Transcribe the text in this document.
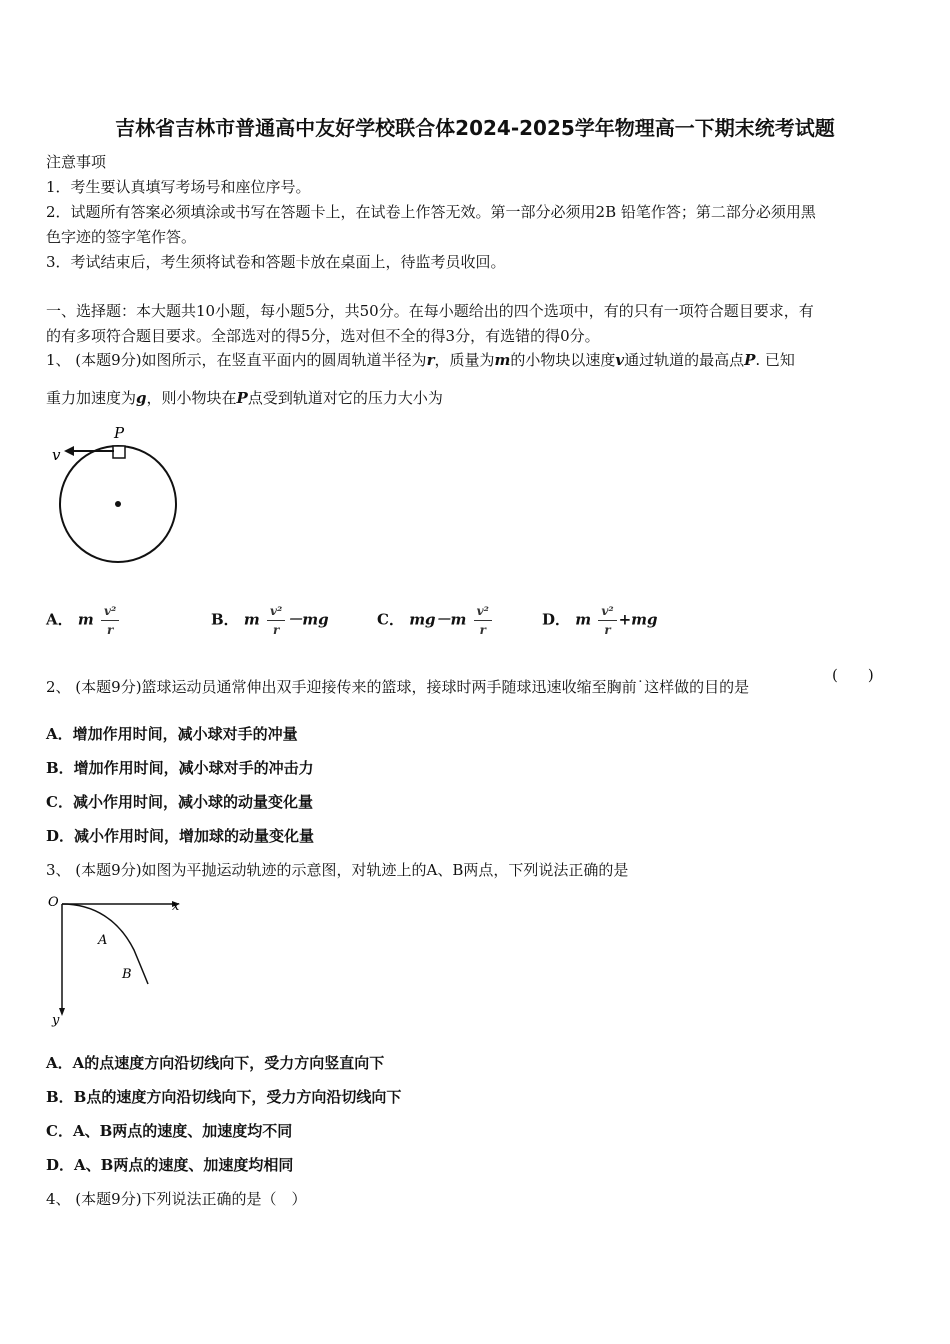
吉林省吉林市普通高中友好学校联合体2024-2025学年物理高一下期末统考试题
注意事项
1．考生要认真填写考场号和座位序号。
2．试题所有答案必须填涂或书写在答题卡上，在试卷上作答无效。第一部分必须用2B 铅笔作答；第二部分必须用黑
色字迹的签字笔作答。
3．考试结束后，考生须将试卷和答题卡放在桌面上，待监考员收回。
一、选择题：本大题共10小题，每小题5分，共50分。在每小题给出的四个选项中，有的只有一项符合题目要求，有
的有多项符合题目要求。全部选对的得5分，选对但不全的得3分，有选错的得0分。
1、 (本题9分)如图所示，在竖直平面内的圆周轨道半径为r，质量为m的小物块以速度v通过轨道的最高点P. 已知
重力加速度为g，则小物块在P点受到轨道对它的压力大小为
P
v
A． m $\frac{\text{v²}}{r}$	B． m $\frac{\text{v²}}{r} -mg$	C． $mg-m \frac{\text{v²}}{r}$	D． m $\frac{\text{v²}}{r} +mg$
2、 (本题9分)篮球运动员通常伸出双手迎接传来的篮球，接球时两手随球迅速收缩至胸前˙这样做的目的是
(　　)
A．增加作用时间，减小球对手的冲量
B．增加作用时间，减小球对手的冲击力
C．减小作用时间，减小球的动量变化量
D．减小作用时间，增加球的动量变化量
3、 (本题9分)如图为平抛运动轨迹的示意图，对轨迹上的A、B两点，下列说法正确的是
O	x
y
A
B
A．A的点速度方向沿切线向下，受力方向竖直向下
B．B点的速度方向沿切线向下，受力方向沿切线向下
C．A、B两点的速度、加速度均不同
D．A、B两点的速度、加速度均相同
4、 (本题9分)下列说法正确的是（　）
